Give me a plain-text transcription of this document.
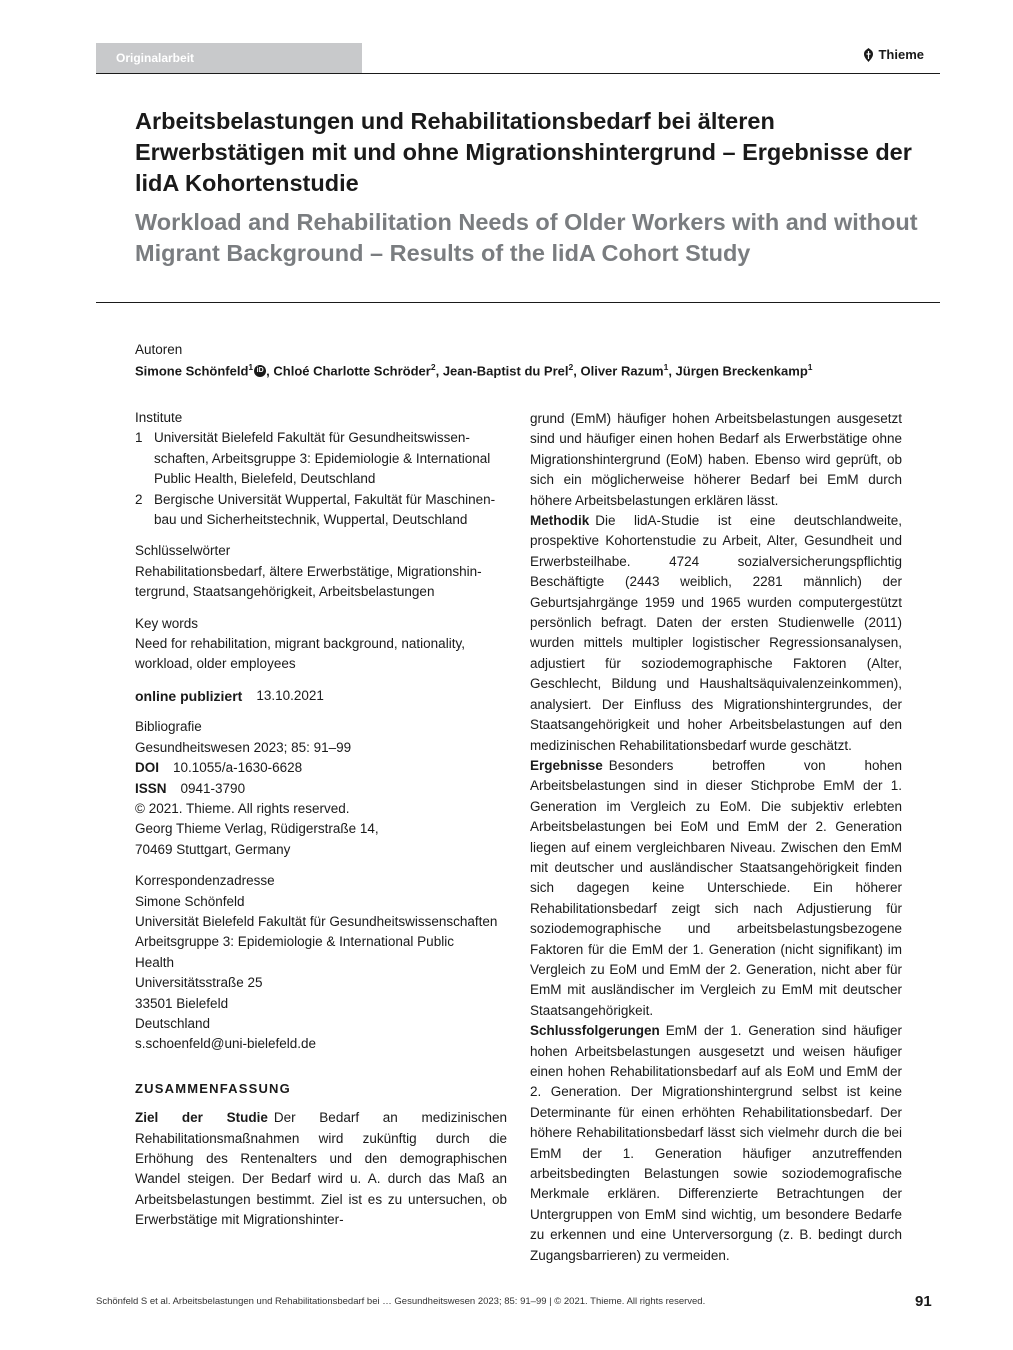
Originalarbeit	Thieme
Arbeitsbelastungen und Rehabilitationsbedarf bei älteren Erwerbstätigen mit und ohne Migrationshintergrund – Ergebnisse der lidA Kohortenstudie
Workload and Rehabilitation Needs of Older Workers with and without Migrant Background – Results of the lidA Cohort Study
Autoren
Simone Schönfeld$^1$ iD , Chloé Charlotte Schröder$^2$, Jean-Baptist du Prel$^2$, Oliver Razum$^1$, Jürgen Breckenkamp$^1$
Institute
1 Universität Bielefeld Fakultät für Gesundheitswissen-
schaften, Arbeitsgruppe 3: Epidemiologie & International
Public Health, Bielefeld, Deutschland
2 Bergische Universität Wuppertal, Fakultät für Maschinen-
bau und Sicherheitstechnik, Wuppertal, Deutschland
Schlüsselwörter
Rehabilitationsbedarf, ältere Erwerbstätige, Migrationshin-
tergrund, Staatsangehörigkeit, Arbeitsbelastungen
Key words
Need for rehabilitation, migrant background, nationality,
workload, older employees
online publiziert 13.10.2021
Bibliografie
Gesundheitswesen 2023; 85: 91–99
DOI 10.1055/a-1630-6628
ISSN 0941-3790
© 2021. Thieme. All rights reserved.
Georg Thieme Verlag, Rüdigerstraße 14,
70469 Stuttgart, Germany
Korrespondenzadresse
Simone Schönfeld
Universität Bielefeld Fakultät für Gesundheitswissenschaften
Arbeitsgruppe 3: Epidemiologie & International Public
Health
Universitätsstraße 25
33501 Bielefeld
Deutschland
s.schoenfeld@uni-bielefeld.de
ZUSAMMENFASSUNG

Ziel der Studie Der Bedarf an medizinischen Rehabilitationsmaßnahmen wird zukünftig durch die Erhöhung des Rentenalters und den demographischen Wandel steigen. Der Bedarf wird u. A. durch das Maß an Arbeitsbelastungen bestimmt. Ziel ist es zu untersuchen, ob Erwerbstätige mit Migrationshinter-

grund (EmM) häufiger hohen Arbeitsbelastungen ausgesetzt sind und häufiger einen hohen Bedarf als Erwerbstätige ohne Migrationshintergrund (EoM) haben. Ebenso wird geprüft, ob sich ein möglicherweise höherer Bedarf bei EmM durch höhere Arbeitsbelastungen erklären lässt.

Methodik Die lidA-Studie ist eine deutschlandweite, prospektive Kohortenstudie zu Arbeit, Alter, Gesundheit und Erwerbsteilhabe. 4724 sozialversicherungspflichtig Beschäftigte (2443 weiblich, 2281 männlich) der Geburtsjahrgänge 1959 und 1965 wurden computergestützt persönlich befragt. Daten der ersten Studienwelle (2011) wurden mittels multipler logistischer Regressionsanalysen, adjustiert für soziodemographische Faktoren (Alter, Geschlecht, Bildung und Haushaltsäquivalenzeinkommen), analysiert. Der Einfluss des Migrationshintergrundes, der Staatsangehörigkeit und hoher Arbeitsbelastungen auf den medizinischen Rehabilitationsbedarf wurde geschätzt.

Ergebnisse Besonders betroffen von hohen Arbeitsbelastungen sind in dieser Stichprobe EmM der 1. Generation im Vergleich zu EoM. Die subjektiv erlebten Arbeitsbelastungen bei EoM und EmM der 2. Generation liegen auf einem vergleichbaren Niveau. Zwischen den EmM mit deutscher und ausländischer Staatsangehörigkeit finden sich dagegen keine Unterschiede. Ein höherer Rehabilitationsbedarf zeigt sich nach Adjustierung für soziodemographische und arbeitsbelastungsbezogene Faktoren für die EmM der 1. Generation (nicht signifikant) im Vergleich zu EoM und EmM der 2. Generation, nicht aber für EmM mit ausländischer im Vergleich zu EmM mit deutscher Staatsangehörigkeit.

Schlussfolgerungen EmM der 1. Generation sind häufiger hohen Arbeitsbelastungen ausgesetzt und weisen häufiger einen hohen Rehabilitationsbedarf auf als EoM und EmM der 2. Generation. Der Migrationshintergrund selbst ist keine Determinante für einen erhöhten Rehabilitationsbedarf. Der höhere Rehabilitationsbedarf lässt sich vielmehr durch die bei EmM der 1. Generation häufiger anzutreffenden arbeitsbedingten Belastungen sowie soziodemografische Merkmale erklären. Differenzierte Betrachtungen der Untergruppen von EmM sind wichtig, um besondere Bedarfe zu erkennen und eine Unterversorgung (z. B. bedingt durch Zugangsbarrieren) zu vermeiden.

Schönfeld S et al. Arbeitsbelastungen und Rehabilitationsbedarf bei … Gesundheitswesen 2023; 85: 91–99 | © 2021. Thieme. All rights reserved.	91
